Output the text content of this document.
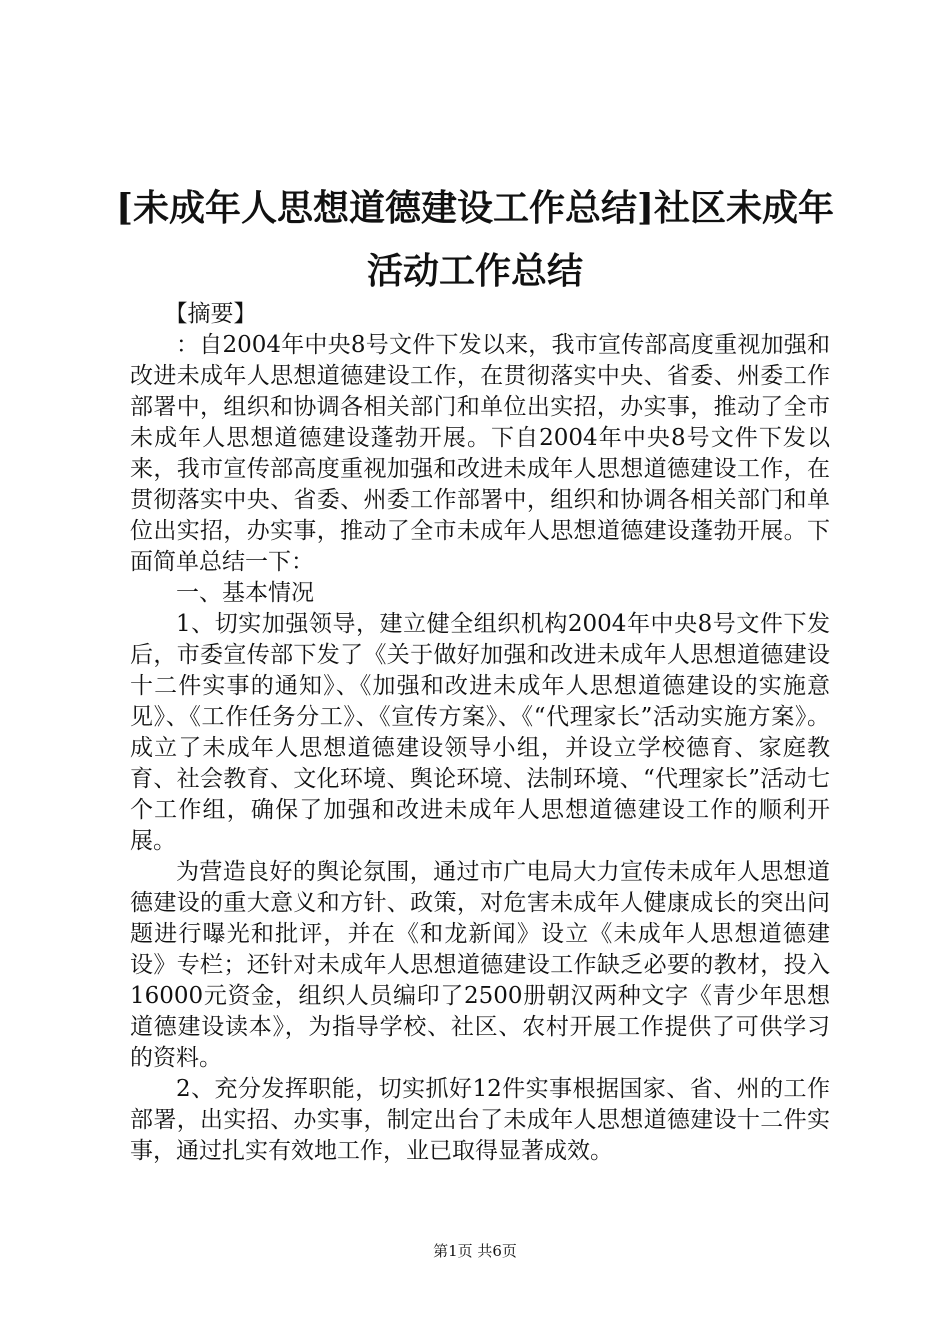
[未成年人思想道德建设工作总结]社区未成年
活动工作总结

【摘要】

：自2004年中央8号文件下发以来，我市宣传部高度重视加强和改进未成年人思想道德建设工作，在贯彻落实中央、省委、州委工作部署中，组织和协调各相关部门和单位出实招，办实事，推动了全市未成年人思想道德建设蓬勃开展。下自2004年中央8号文件下发以来，我市宣传部高度重视加强和改进未成年人思想道德建设工作，在贯彻落实中央、省委、州委工作部署中，组织和协调各相关部门和单位出实招，办实事，推动了全市未成年人思想道德建设蓬勃开展。下面简单总结一下：

一、基本情况

1、切实加强领导，建立健全组织机构2004年中央8号文件下发后，市委宣传部下发了《关于做好加强和改进未成年人思想道德建设十二件实事的通知》、《加强和改进未成年人思想道德建设的实施意见》、《工作任务分工》、《宣传方案》、《“代理家长”活动实施方案》。成立了未成年人思想道德建设领导小组，并设立学校德育、家庭教育、社会教育、文化环境、舆论环境、法制环境、“代理家长”活动七个工作组，确保了加强和改进未成年人思想道德建设工作的顺利开展。

为营造良好的舆论氛围，通过市广电局大力宣传未成年人思想道德建设的重大意义和方针、政策，对危害未成年人健康成长的突出问题进行曝光和批评，并在《和龙新闻》设立《未成年人思想道德建设》专栏；还针对未成年人思想道德建设工作缺乏必要的教材，投入16000元资金，组织人员编印了2500册朝汉两种文字《青少年思想道德建设读本》，为指导学校、社区、农村开展工作提供了可供学习的资料。

2、充分发挥职能，切实抓好12件实事根据国家、省、州的工作部署，出实招、办实事，制定出台了未成年人思想道德建设十二件实事，通过扎实有效地工作，业已取得显著成效。

第1页 共6页
